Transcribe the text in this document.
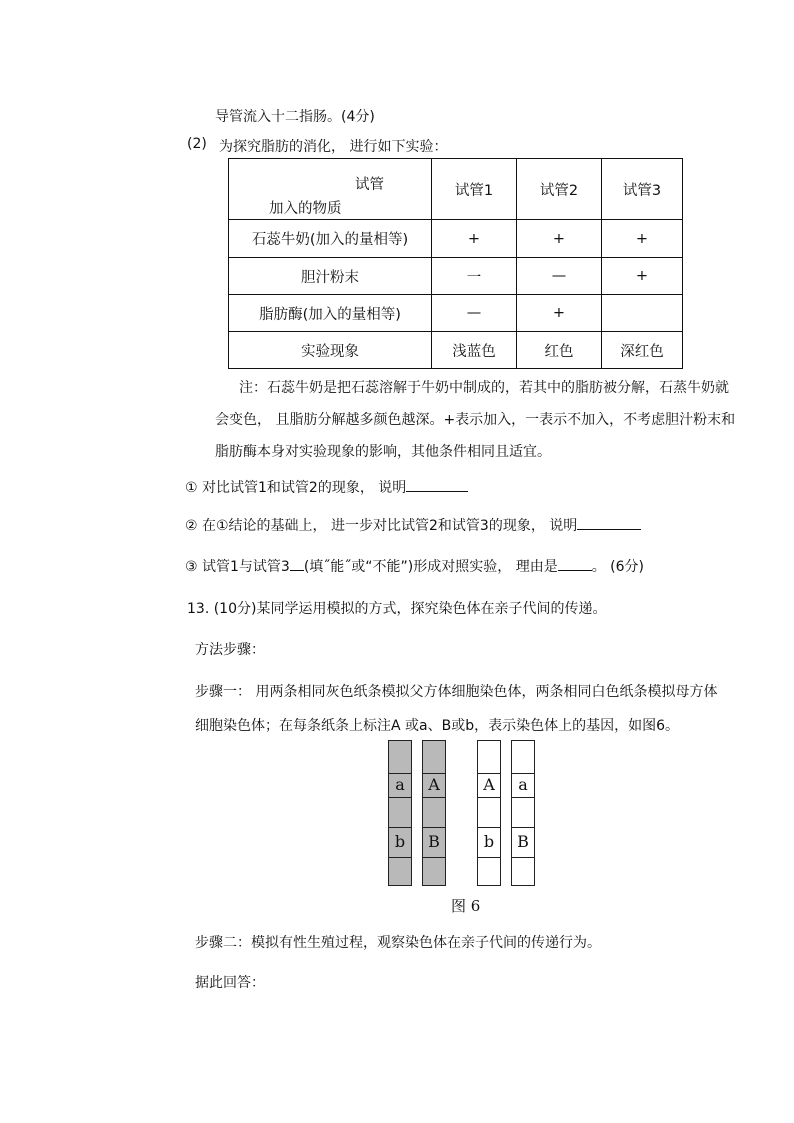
导管流入十二指肠。(4分)
(2) 为探究脂肪的消化， 进行如下实验：
试管
加入的物质	试管1	试管2	试管3
石蕊牛奶(加入的量相等)	+	+	+
胆汁粉末	一	—	+
脂肪酶(加入的量相等)	—	+	
实验现象	浅蓝色	红色	深红色
注：石蕊牛奶是把石蕊溶解于牛奶中制成的，若其中的脂肪被分解，石蒸牛奶就
会变色， 且脂肪分解越多颜色越深。+表示加入，一表示不加入，不考虑胆汁粉末和
脂肪酶本身对实验现象的影响，其他条件相同且适宜。
① 对比试管1和试管2的现象， 说明
② 在①结论的基础上， 进一步对比试管2和试管3的现象， 说明
③ 试管1与试管3 (填˝能˝或“不能”)形成对照实验， 理由是 。 (6分)
13. (10分)某同学运用模拟的方式，探究染色体在亲子代间的传递。
方法步骤：
步骤一： 用两条相同灰色纸条模拟父方体细胞染色体，两条相同白色纸条模拟母方体
细胞染色体；在每条纸条上标注A 或a、B或b，表示染色体上的基因，如图6。
a
b
A
B
A
b
a
B
图 6
步骤二：模拟有性生殖过程，观察染色体在亲子代间的传递行为。
据此回答：
